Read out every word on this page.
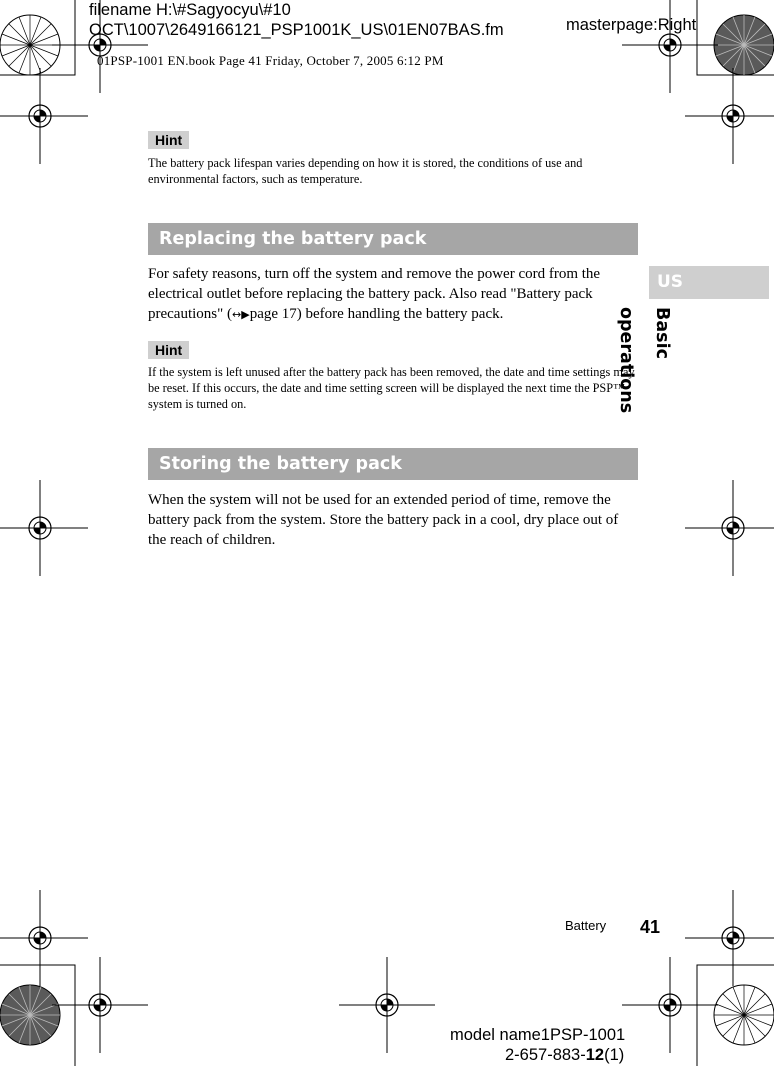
filename H:\#Sagyocyu\#10
OCT\1007\2649166121_PSP1001K_US\01EN07BAS.fm	masterpage:Right
01PSP-1001 EN.book Page 41 Friday, October 7, 2005 6:12 PM
Hint
The battery pack lifespan varies depending on how it is stored, the conditions of use and environmental factors, such as temperature.
Replacing the battery pack
For safety reasons, turn off the system and remove the power cord from the electrical outlet before replacing the battery pack. Also read "Battery pack precautions" (↔▶page 17) before handling the battery pack.
Hint
If the system is left unused after the battery pack has been removed, the date and time settings may be reset. If this occurs, the date and time setting screen will be displayed the next time the PSP™ system is turned on.
Storing the battery pack
When the system will not be used for an extended period of time, remove the battery pack from the system. Store the battery pack in a cool, dry place out of the reach of children.
US
Basic operations
Battery 41
model name1PSP-1001
2-657-883-12(1)
